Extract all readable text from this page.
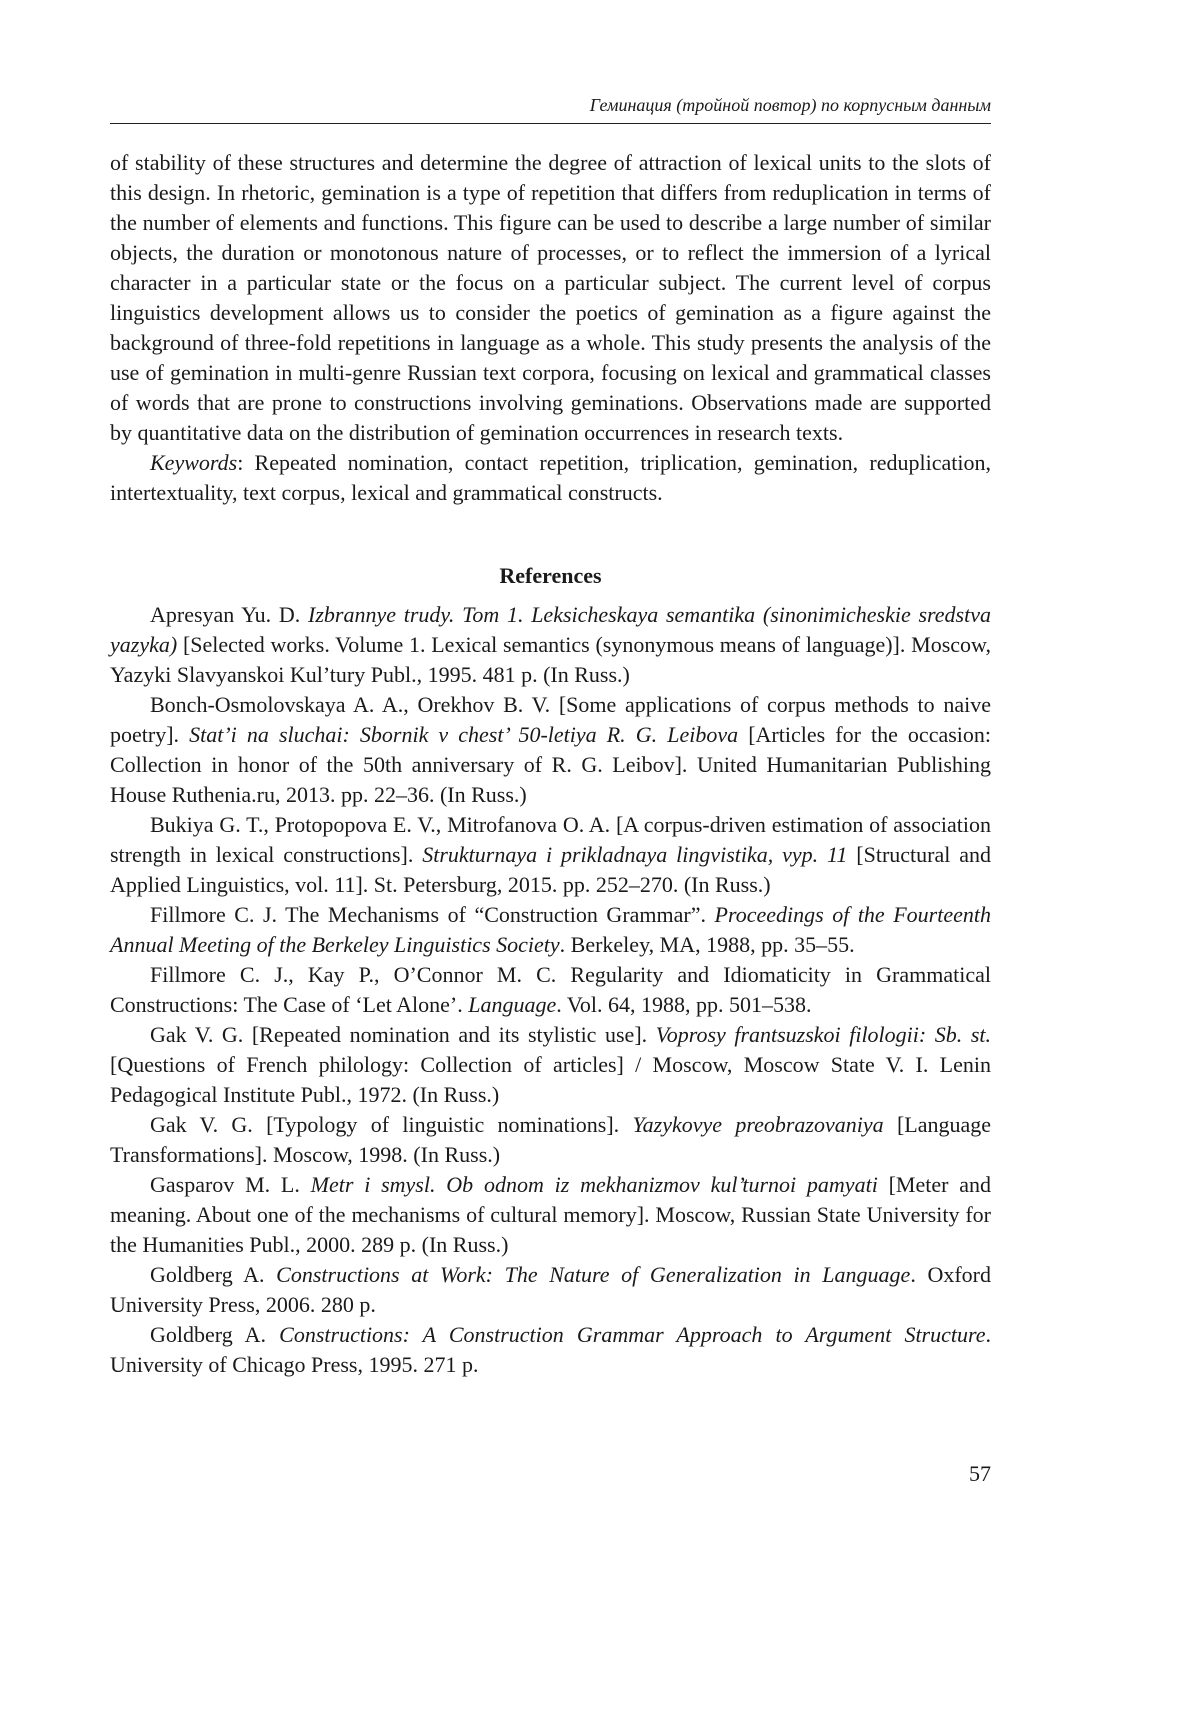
Геминация (тройной повтор) по корпусным данным

of stability of these structures and determine the degree of attraction of lexical units to the slots of this design. In rhetoric, gemination is a type of repetition that differs from reduplication in terms of the number of elements and functions. This figure can be used to describe a large number of similar objects, the duration or monotonous nature of processes, or to reflect the immersion of a lyrical character in a particular state or the focus on a particular subject. The current level of corpus linguistics development allows us to consider the poetics of gemination as a figure against the background of three-fold repetitions in language as a whole. This study presents the analysis of the use of gemination in multi-genre Russian text corpora, focusing on lexical and grammatical classes of words that are prone to constructions involving geminations. Observations made are supported by quantitative data on the distribution of gemination occurrences in research texts.

Keywords: Repeated nomination, contact repetition, triplication, gemination, reduplication, intertextuality, text corpus, lexical and grammatical constructs.

References

Apresyan Yu. D. Izbrannye trudy. Tom 1. Leksicheskaya semantika (sinonimicheskie sredstva yazyka) [Selected works. Volume 1. Lexical semantics (synonymous means of language)]. Moscow, Yazyki Slavyanskoi Kul’tury Publ., 1995. 481 p. (In Russ.)

Bonch-Osmolovskaya A. A., Orekhov B. V. [Some applications of corpus methods to naive poetry]. Stat’i na sluchai: Sbornik v chest’ 50-letiya R. G. Leibova [Articles for the occasion: Collection in honor of the 50th anniversary of R. G. Leibov]. United Humanitarian Publishing House Ruthenia.ru, 2013. pp. 22–36. (In Russ.)

Bukiya G. T., Protopopova E. V., Mitrofanova O. A. [A corpus-driven estimation of association strength in lexical constructions]. Strukturnaya i prikladnaya lingvistika, vyp. 11 [Structural and Applied Linguistics, vol. 11]. St. Petersburg, 2015. pp. 252–270. (In Russ.)

Fillmore C. J. The Mechanisms of “Construction Grammar”. Proceedings of the Fourteenth Annual Meeting of the Berkeley Linguistics Society. Berkeley, MA, 1988, pp. 35–55.

Fillmore C. J., Kay P., O’Connor M. C. Regularity and Idiomaticity in Grammatical Constructions: The Case of ‘Let Alone’. Language. Vol. 64, 1988, pp. 501–538.

Gak V. G. [Repeated nomination and its stylistic use]. Voprosy frantsuzskoi filologii: Sb. st. [Questions of French philology: Collection of articles] / Moscow, Moscow State V. I. Lenin Pedagogical Institute Publ., 1972. (In Russ.)

Gak V. G. [Typology of linguistic nominations]. Yazykovye preobrazovaniya [Language Transformations]. Moscow, 1998. (In Russ.)

Gasparov M. L. Metr i smysl. Ob odnom iz mekhanizmov kul’turnoi pamyati [Meter and meaning. About one of the mechanisms of cultural memory]. Moscow, Russian State University for the Humanities Publ., 2000. 289 p. (In Russ.)

Goldberg A. Constructions at Work: The Nature of Generalization in Language. Oxford University Press, 2006. 280 p.

Goldberg A. Constructions: A Construction Grammar Approach to Argument Structure. University of Chicago Press, 1995. 271 p.

57
